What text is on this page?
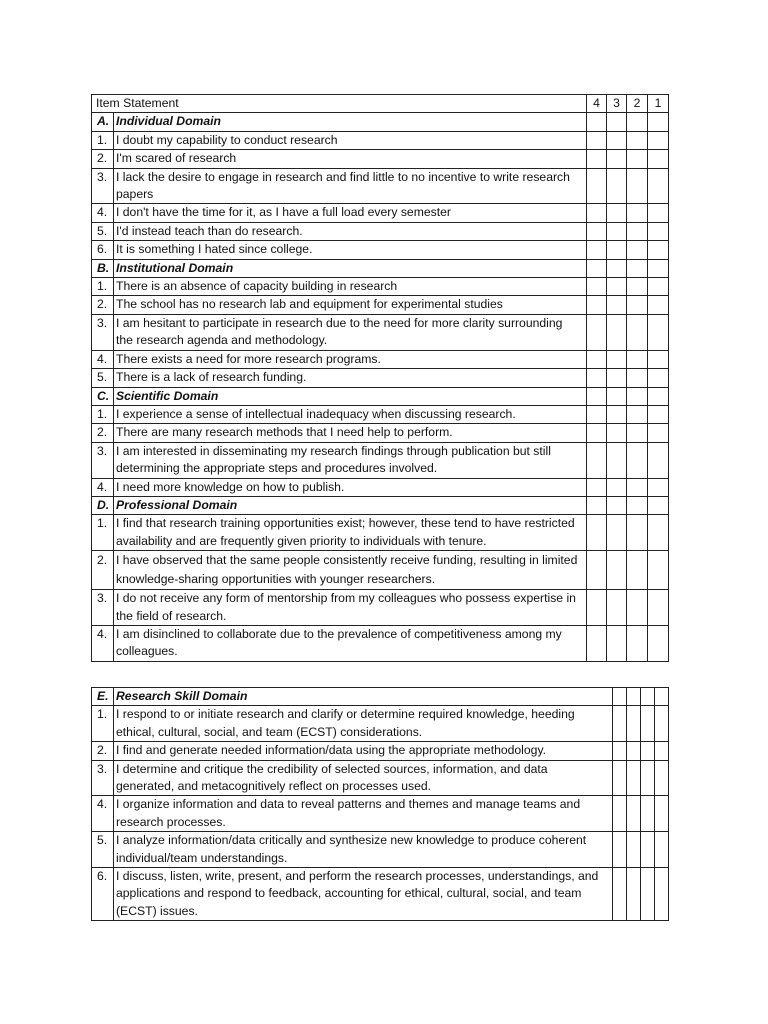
Item Statement		4	3	2	1
A.	Individual Domain				
1.	I doubt my capability to conduct research				
2.	I'm scared of research				
3.	I lack the desire to engage in research and find little to no incentive to write research papers				
4.	I don't have the time for it, as I have a full load every semester				
5.	I'd instead teach than do research.				
6.	It is something I hated since college.				
B.	Institutional Domain				
1.	There is an absence of capacity building in research				
2.	The school has no research lab and equipment for experimental studies				
3.	I am hesitant to participate in research due to the need for more clarity surrounding the research agenda and methodology.				
4.	There exists a need for more research programs.				
5.	There is a lack of research funding.				
C.	Scientific Domain				
1.	I experience a sense of intellectual inadequacy when discussing research.				
2.	There are many research methods that I need help to perform.				
3.	I am interested in disseminating my research findings through publication but still determining the appropriate steps and procedures involved.				
4.	I need more knowledge on how to publish.				
D.	Professional Domain				
1.	I find that research training opportunities exist; however, these tend to have restricted availability and are frequently given priority to individuals with tenure.				
2.	I have observed that the same people consistently receive funding, resulting in limited knowledge-sharing opportunities with younger researchers.				
3.	I do not receive any form of mentorship from my colleagues who possess expertise in the field of research.				
4.	I am disinclined to collaborate due to the prevalence of competitiveness among my colleagues.				
E.	Research Skill Domain				
1.	I respond to or initiate research and clarify or determine required knowledge, heeding ethical, cultural, social, and team (ECST) considerations.				
2.	I find and generate needed information/data using the appropriate methodology.				
3.	I determine and critique the credibility of selected sources, information, and data generated, and metacognitively reflect on processes used.				
4.	I organize information and data to reveal patterns and themes and manage teams and research processes.				
5.	I analyze information/data critically and synthesize new knowledge to produce coherent individual/team understandings.				
6.	I discuss, listen, write, present, and perform the research processes, understandings, and applications and respond to feedback, accounting for ethical, cultural, social, and team (ECST) issues.				
